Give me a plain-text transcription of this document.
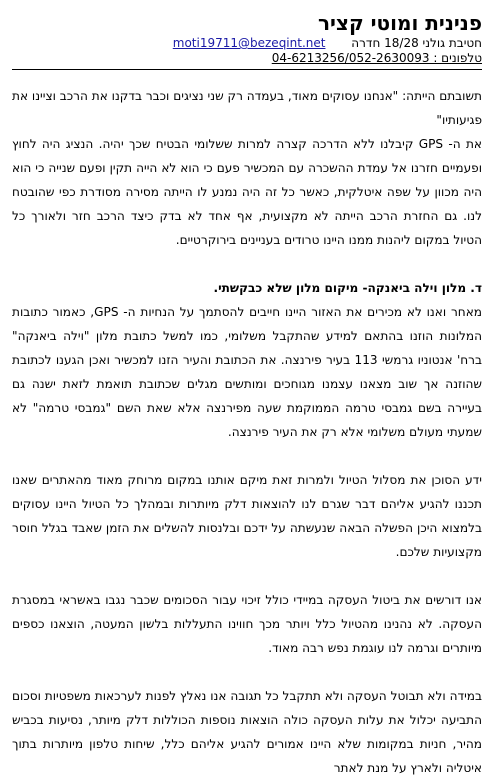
פנינית ומוטי קציר

חטיבת גולני 18/28 חדרה moti19711@bezeqint.net

טלפונים : 04-6213256/052-2630093

תשובתם הייתה: "אנחנו עסוקים מאוד, בעמדה רק שני נציגים וכבר בדקנו את הרכב וציינו את פגיעותיו"

את ה- GPS קיבלנו ללא הדרכה קצרה למרות ששלומי הבטיח שכך יהיה. הנציג היה לחוץ ופעמיים חזרנו אל עמדת ההשכרה עם המכשיר פעם כי הוא לא הייה תקין ופעם שנייה כי הוא היה מכוון על שפה איטלקית, כאשר כל זה היה נמנע לו הייתה מסירה מסודרת כפי שהובטח לנו. גם החזרת הרכב הייתה לא מקצועית, אף אחד לא בדק כיצד הרכב חזר ולאורך כל הטיול במקום ליהנות ממנו היינו טרודים בעניינים בירוקרטיים.

ד. מלון וילה ביאנקה- מיקום מלון שלא כבקשתי.

מאחר ואנו לא מכירים את האזור היינו חייבים להסתמך על הנחיות ה- GPS, כאמור כתובות המלונות הוזנו בהתאם למידע שהתקבל משלומי, כמו למשל כתובת מלון "וילה ביאנקה" ברח' אנטוניו גרמשי 113 בעיר פירנצה. את הכתובת והעיר הזנו למכשיר ואכן הגענו לכתובת שהוזנה אך שוב מצאנו עצמנו מגוחכים ומותשים מגלים שכתובת תואמת לזאת ישנה גם בעיירה בשם גמבסי טרמה הממוקמת שעה מפירנצה אלא שאת השם "גמבסי טרמה" לא שמעתי מעולם משלומי אלא רק את העיר פירנצה.

ידע הסוכן את מסלול הטיול ולמרות זאת מיקם אותנו במקום מרוחק מאוד מהאתרים שאנו תכננו להגיע אליהם דבר שגרם לנו להוצאות דלק מיותרות ובמהלך כל הטיול היינו עסוקים בלמצוא היכן הפשלה הבאה שנעשתה על ידכם ובלנסות להשלים את הזמן שאבד בגלל חוסר מקצועיות שלכם.

אנו דורשים את ביטול העסקה במיידי כולל זיכוי עבור הסכומים שכבר נגבו באשראי במסגרת העסקה. לא נהנינו מהטיול כלל ויותר מכך חווינו התעללות בלשון המעטה, הוצאנו כספים מיותרים וגרמה לנו עוגמת נפש רבה מאוד.

במידה ולא תבוטל העסקה ולא תתקבל כל תגובה אנו נאלץ לפנות לערכאות משפטיות וסכום התביעה יכלול את עלות העסקה כולה הוצאות נוספות הכוללות דלק מיותר, נסיעות בכביש מהיר, חניות במקומות שלא היינו אמורים להגיע אליהם כלל, שיחות טלפון מיותרות בתוך איטליה ולארץ על מנת לאתר
